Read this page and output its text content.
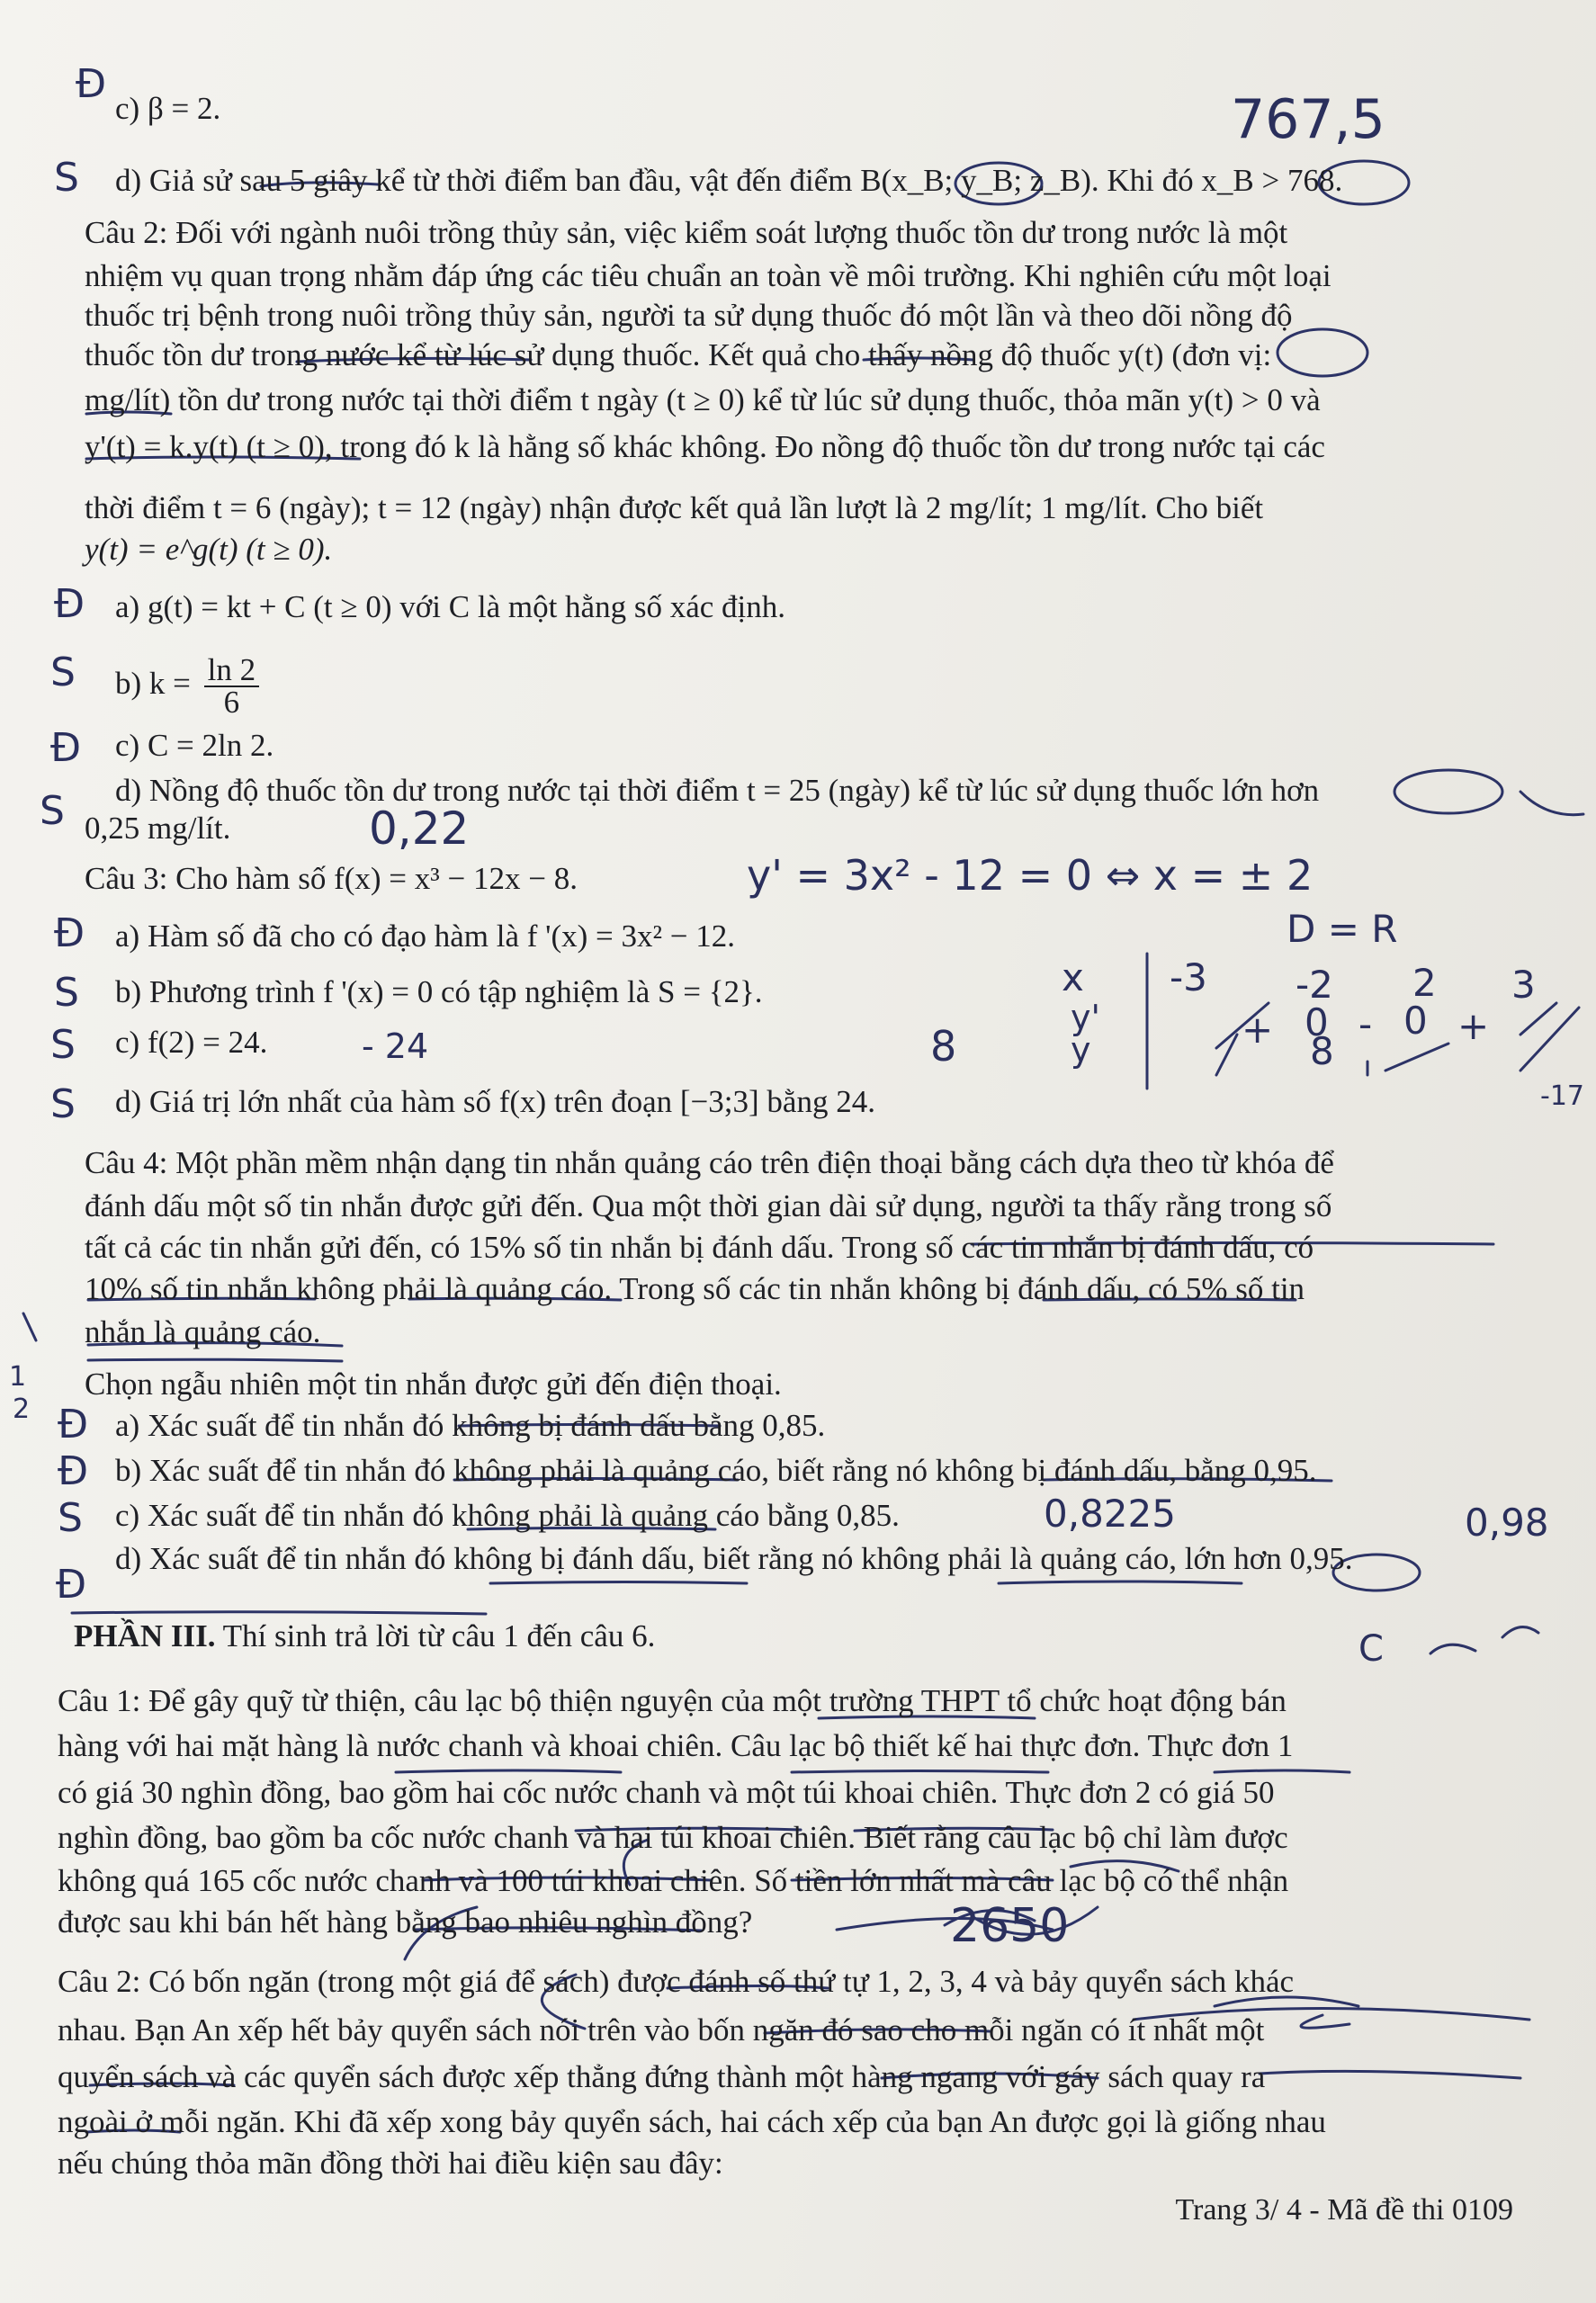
Đ
c) β = 2.	767,5
S d) Giả sử sau 5 giây kể từ thời điểm ban đầu, vật đến điểm B(x_B; y_B; z_B). Khi đó x_B > 768.
Câu 2: Đối với ngành nuôi trồng thủy sản, việc kiểm soát lượng thuốc tồn dư trong nước là một
nhiệm vụ quan trọng nhằm đáp ứng các tiêu chuẩn an toàn về môi trường. Khi nghiên cứu một loại
thuốc trị bệnh trong nuôi trồng thủy sản, người ta sử dụng thuốc đó một lần và theo dõi nồng độ
thuốc tồn dư trong nước kể từ lúc sử dụng thuốc. Kết quả cho thấy nồng độ thuốc y(t) (đơn vị:
mg/lít) tồn dư trong nước tại thời điểm t ngày (t ≥ 0) kể từ lúc sử dụng thuốc, thỏa mãn y(t) > 0 và
y'(t) = k.y(t) (t ≥ 0), trong đó k là hằng số khác không. Đo nồng độ thuốc tồn dư trong nước tại các
thời điểm t = 6 (ngày); t = 12 (ngày) nhận được kết quả lần lượt là 2 mg/lít; 1 mg/lít. Cho biết
y(t) = e^g(t) (t ≥ 0).
Đ a) g(t) = kt + C (t ≥ 0) với C là một hằng số xác định.
S b) $k = \frac{\ln 2}{6}$
Đ c) C = 2ln 2.
d) Nồng độ thuốc tồn dư trong nước tại thời điểm t = 25 (ngày) kể từ lúc sử dụng thuốc lớn hơn
S 0,25 mg/lít.	0,22
Câu 3: Cho hàm số f(x) = x³ − 12x − 8.	y' = 3x² - 12 = 0 ⇔ x = ± 2
Đ a) Hàm số đã cho có đạo hàm là f '(x) = 3x² − 12.	D = R
S b) Phương trình f '(x) = 0 có tập nghiệm là S = {2}.	x -3 -2 2 3
y'	+ 0 - 0 +
y	8
-17
S c) f(2) = 24.	- 24	8
S d) Giá trị lớn nhất của hàm số f(x) trên đoạn [−3;3] bằng 24.
Câu 4: Một phần mềm nhận dạng tin nhắn quảng cáo trên điện thoại bằng cách dựa theo từ khóa để
đánh dấu một số tin nhắn được gửi đến. Qua một thời gian dài sử dụng, người ta thấy rằng trong số
tất cả các tin nhắn gửi đến, có 15% số tin nhắn bị đánh dấu. Trong số các tin nhắn bị đánh dấu, có
10% số tin nhắn không phải là quảng cáo. Trong số các tin nhắn không bị đánh dấu, có 5% số tin
nhắn là quảng cáo.
1 Chọn ngẫu nhiên một tin nhắn được gửi đến điện thoại.
2 Đ a) Xác suất để tin nhắn đó không bị đánh dấu bằng 0,85.
Đ b) Xác suất để tin nhắn đó không phải là quảng cáo, biết rằng nó không bị đánh dấu, bằng 0,95.
S c) Xác suất để tin nhắn đó không phải là quảng cáo bằng 0,85.	0,8225	0,98
Đ
d) Xác suất để tin nhắn đó không bị đánh dấu, biết rằng nó không phải là quảng cáo, lớn hơn 0,95.
PHẦN III. Thí sinh trả lời từ câu 1 đến câu 6.	C
Câu 1: Để gây quỹ từ thiện, câu lạc bộ thiện nguyện của một trường THPT tổ chức hoạt động bán
hàng với hai mặt hàng là nước chanh và khoai chiên. Câu lạc bộ thiết kế hai thực đơn. Thực đơn 1
có giá 30 nghìn đồng, bao gồm hai cốc nước chanh và một túi khoai chiên. Thực đơn 2 có giá 50
nghìn đồng, bao gồm ba cốc nước chanh và hai túi khoai chiên. Biết rằng câu lạc bộ chỉ làm được
không quá 165 cốc nước chanh và 100 túi khoai chiên. Số tiền lớn nhất mà câu lạc bộ có thể nhận
được sau khi bán hết hàng bằng bao nhiêu nghìn đồng?	2650
Câu 2: Có bốn ngăn (trong một giá để sách) được đánh số thứ tự 1, 2, 3, 4 và bảy quyển sách khác
nhau. Bạn An xếp hết bảy quyển sách nói trên vào bốn ngăn đó sao cho mỗi ngăn có ít nhất một
quyển sách và các quyển sách được xếp thẳng đứng thành một hàng ngang với gáy sách quay ra
ngoài ở mỗi ngăn. Khi đã xếp xong bảy quyển sách, hai cách xếp của bạn An được gọi là giống nhau
nếu chúng thỏa mãn đồng thời hai điều kiện sau đây:
Trang 3/ 4 - Mã đề thi 0109
